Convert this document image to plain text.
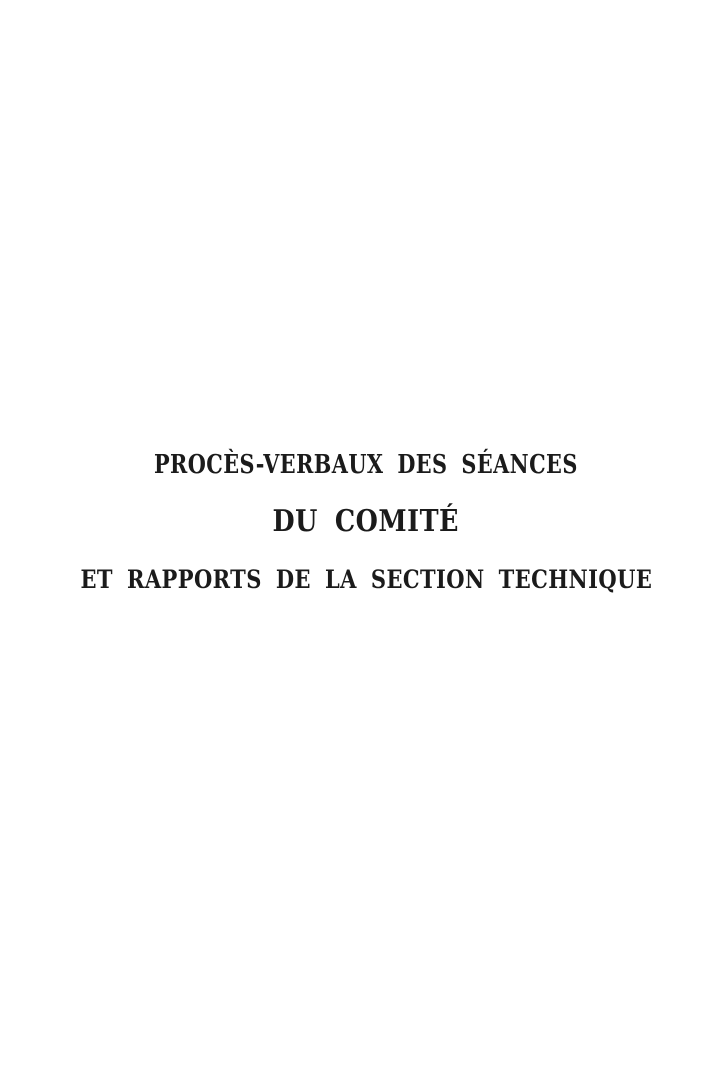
PROCÈS-VERBAUX DES SÉANCES
DU COMITÉ
ET RAPPORTS DE LA SECTION TECHNIQUE
